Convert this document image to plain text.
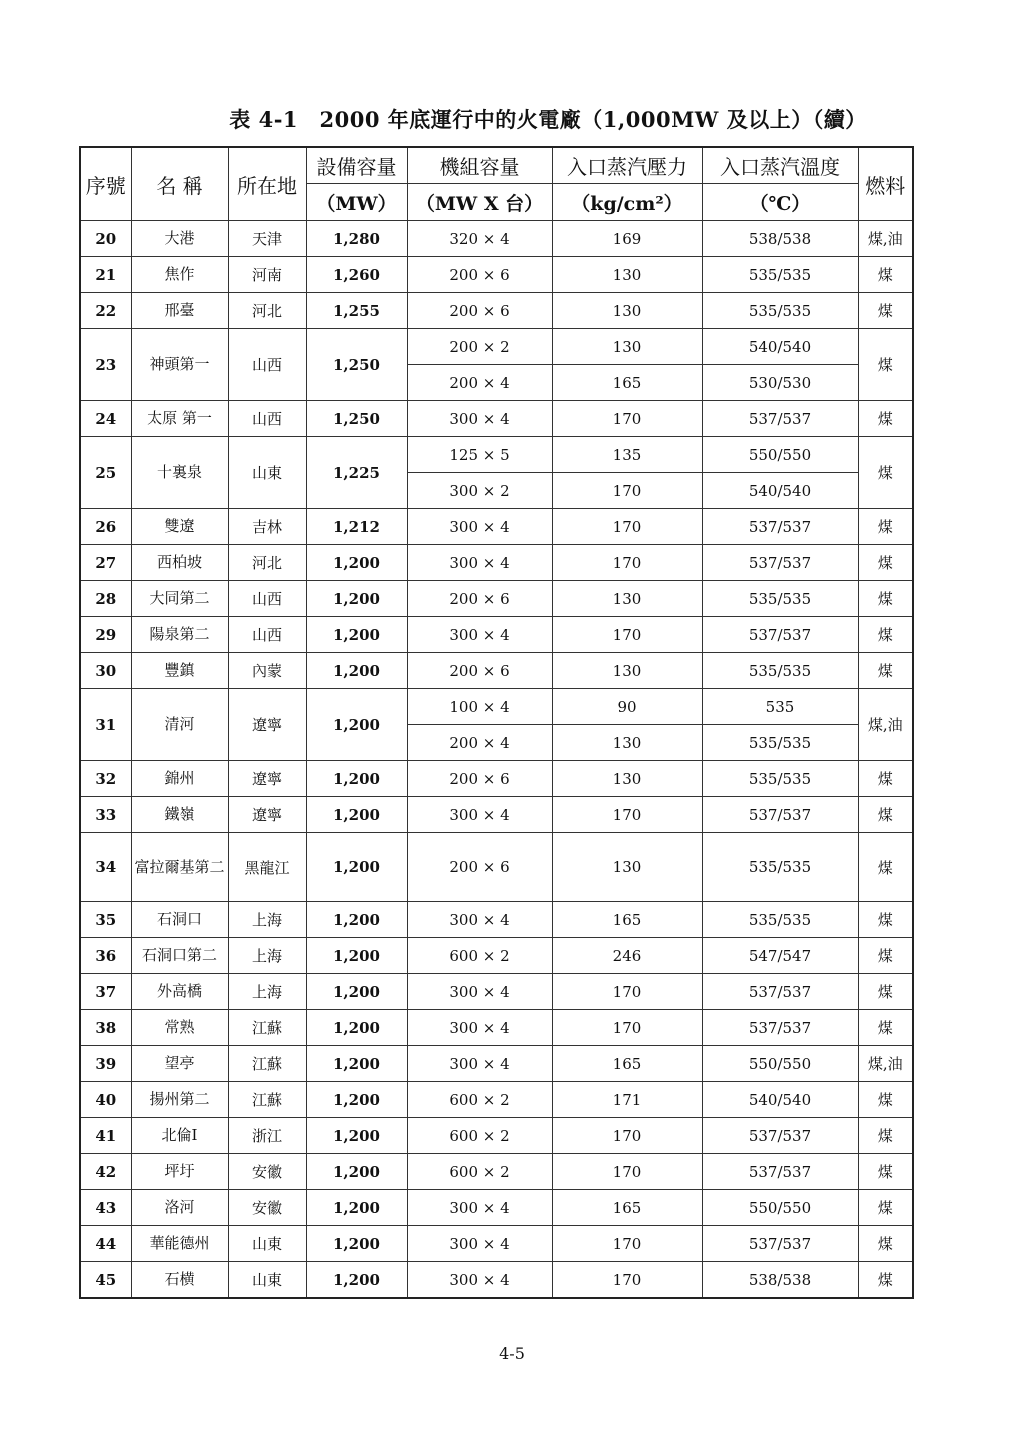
表 4-1　2000 年底運行中的火電廠（1,000MW 及以上）（續）
序號	名 稱	所在地	設備容量	機組容量	入口蒸汽壓力	入口蒸汽溫度	燃料
			（MW）	（MW X 台）	（kg/cm²）	（℃）	
20	大港	天津	1,280	320 × 4	169	538/538	煤,油
21	焦作	河南	1,260	200 × 6	130	535/535	煤
22	邢臺	河北	1,255	200 × 6	130	535/535	煤
23	神頭第一	山西	1,250	200 × 2	130	540/540	煤
				200 × 4	165	530/530	
24	太原 第一	山西	1,250	300 × 4	170	537/537	煤
25	十裏泉	山東	1,225	125 × 5	135	550/550	煤
				300 × 2	170	540/540	
26	雙遼	吉林	1,212	300 × 4	170	537/537	煤
27	西柏坡	河北	1,200	300 × 4	170	537/537	煤
28	大同第二	山西	1,200	200 × 6	130	535/535	煤
29	陽泉第二	山西	1,200	300 × 4	170	537/537	煤
30	豐鎮	內蒙	1,200	200 × 6	130	535/535	煤
31	清河	遼寧	1,200	100 × 4	90	535	煤,油
				200 × 4	130	535/535	
32	錦州	遼寧	1,200	200 × 6	130	535/535	煤
33	鐵嶺	遼寧	1,200	300 × 4	170	537/537	煤
34	富拉爾基第二	黑龍江	1,200	200 × 6	130	535/535	煤
35	石洞口	上海	1,200	300 × 4	165	535/535	煤
36	石洞口第二	上海	1,200	600 × 2	246	547/547	煤
37	外高橋	上海	1,200	300 × 4	170	537/537	煤
38	常熟	江蘇	1,200	300 × 4	170	537/537	煤
39	望亭	江蘇	1,200	300 × 4	165	550/550	煤,油
40	揚州第二	江蘇	1,200	600 × 2	171	540/540	煤
41	北倫Ⅰ	浙江	1,200	600 × 2	170	537/537	煤
42	坪圩	安徽	1,200	600 × 2	170	537/537	煤
43	洛河	安徽	1,200	300 × 4	165	550/550	煤
44	華能德州	山東	1,200	300 × 4	170	537/537	煤
45	石横	山東	1,200	300 × 4	170	538/538	煤
4-5
